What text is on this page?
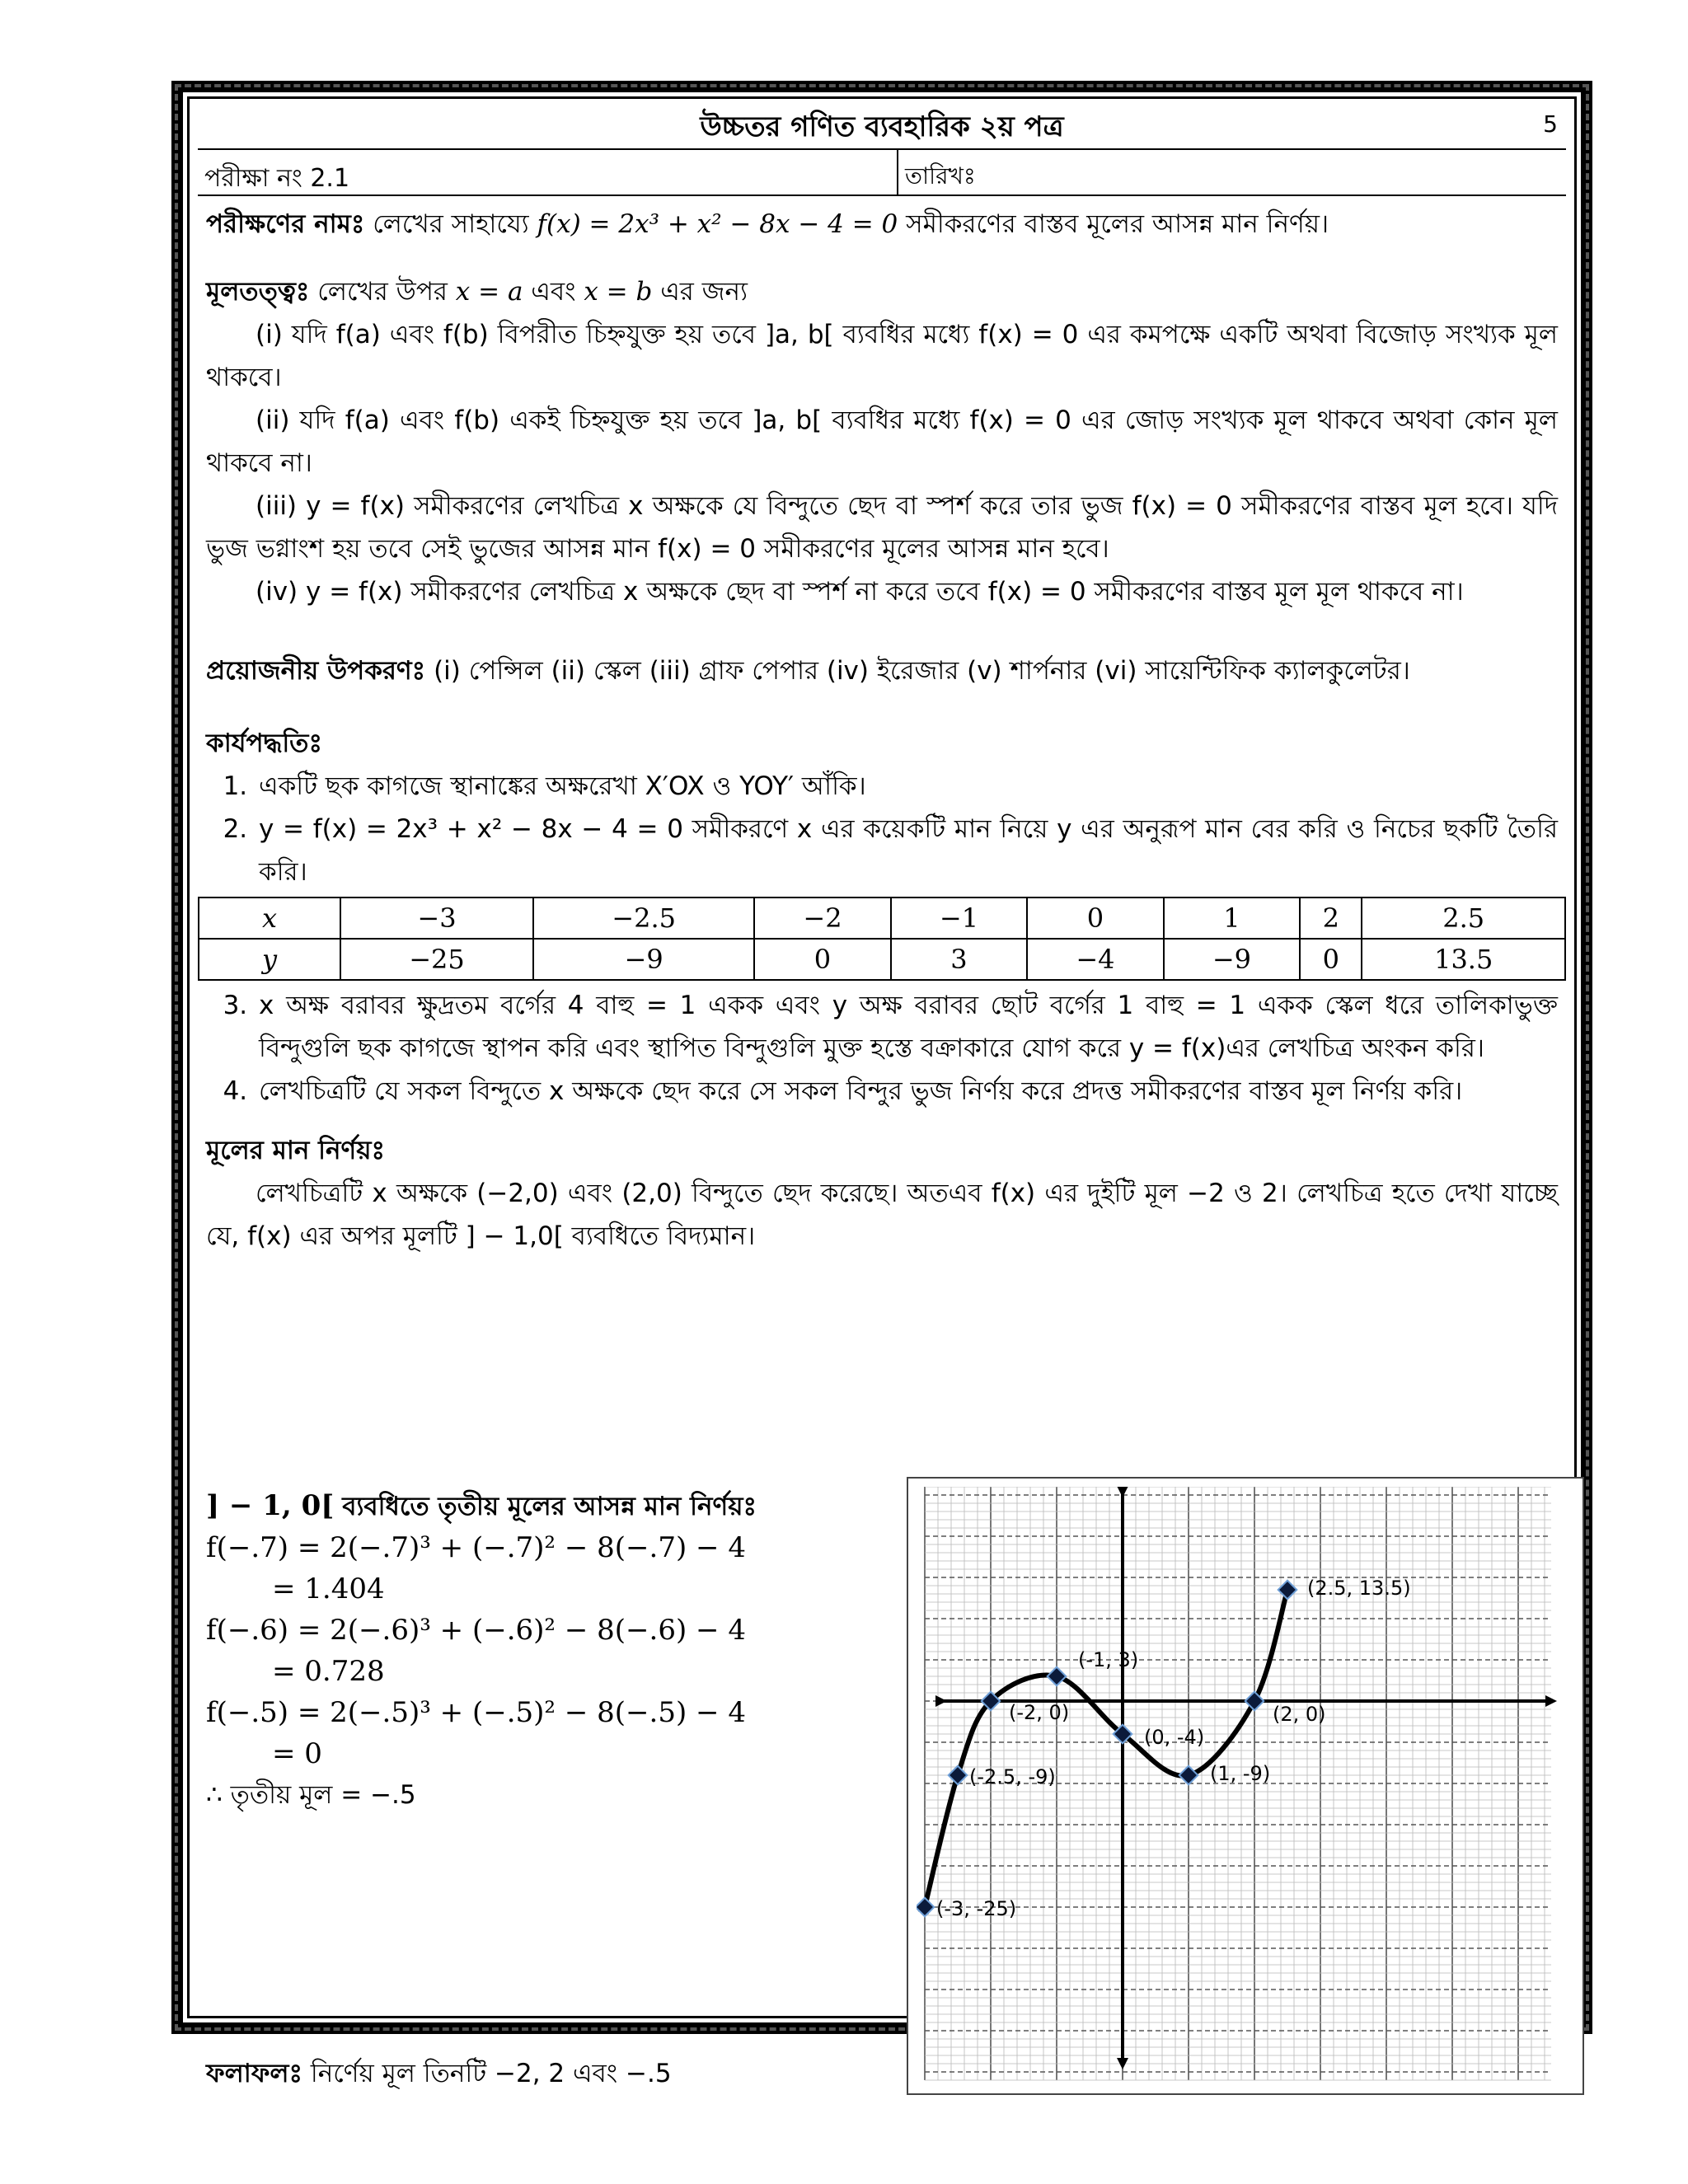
উচ্চতর গণিত ব্যবহারিক ২য় পত্র	5
পরীক্ষা নং 2.1	তারিখঃ
পরীক্ষণের নামঃ লেখের সাহায্যে f(x) = 2x³ + x² − 8x − 4 = 0 সমীকরণের বাস্তব মূলের আসন্ন মান নির্ণয়।
মূলতত্ত্বঃ লেখের উপর x = a এবং x = b এর জন্য
(i) যদি f(a) এবং f(b) বিপরীত চিহ্নযুক্ত হয় তবে ]a, b[ ব্যবধির মধ্যে f(x) = 0 এর কমপক্ষে একটি অথবা বিজোড় সংখ্যক মূল থাকবে।
(ii) যদি f(a) এবং f(b) একই চিহ্নযুক্ত হয় তবে ]a, b[ ব্যবধির মধ্যে f(x) = 0 এর জোড় সংখ্যক মূল থাকবে অথবা কোন মূল থাকবে না।
(iii) y = f(x) সমীকরণের লেখচিত্র x অক্ষকে যে বিন্দুতে ছেদ বা স্পর্শ করে তার ভুজ f(x) = 0 সমীকরণের বাস্তব মূল হবে। যদি ভুজ ভগ্নাংশ হয় তবে সেই ভুজের আসন্ন মান f(x) = 0 সমীকরণের মূলের আসন্ন মান হবে।
(iv) y = f(x) সমীকরণের লেখচিত্র x অক্ষকে ছেদ বা স্পর্শ না করে তবে f(x) = 0 সমীকরণের বাস্তব মূল মূল থাকবে না।
প্রয়োজনীয় উপকরণঃ (i) পেন্সিল (ii) স্কেল (iii) গ্রাফ পেপার (iv) ইরেজার (v) শার্পনার (vi) সায়েন্টিফিক ক্যালকুলেটর।
কার্যপদ্ধতিঃ
1. একটি ছক কাগজে স্থানাঙ্কের অক্ষরেখা X′OX ও YOY′ আঁকি।
2. y = f(x) = 2x³ + x² − 8x − 4 = 0 সমীকরণে x এর কয়েকটি মান নিয়ে y এর অনুরূপ মান বের করি ও নিচের ছকটি তৈরি করি।
x	−3	−2.5	−2	−1	0	1	2	2.5
y	−25	−9	0	3	−4	−9	0	13.5
3. x অক্ষ বরাবর ক্ষুদ্রতম বর্গের 4 বাহু = 1 একক এবং y অক্ষ বরাবর ছোট বর্গের 1 বাহু = 1 একক স্কেল ধরে তালিকাভুক্ত বিন্দুগুলি ছক কাগজে স্থাপন করি এবং স্থাপিত বিন্দুগুলি মুক্ত হস্তে বক্রাকারে যোগ করে y = f(x)এর লেখচিত্র অংকন করি।
4. লেখচিত্রটি যে সকল বিন্দুতে x অক্ষকে ছেদ করে সে সকল বিন্দুর ভুজ নির্ণয় করে প্রদত্ত সমীকরণের বাস্তব মূল নির্ণয় করি।
মূলের মান নির্ণয়ঃ
লেখচিত্রটি x অক্ষকে (−2,0) এবং (2,0) বিন্দুতে ছেদ করেছে। অতএব f(x) এর দুইটি মূল −2 ও 2। লেখচিত্র হতে দেখা যাচ্ছে যে, f(x) এর অপর মূলটি ] − 1,0[ ব্যবধিতে বিদ্যমান।
] − 1, 0[ ব্যবধিতে তৃতীয় মূলের আসন্ন মান নির্ণয়ঃ
f(−.7) = 2(−.7)³ + (−.7)² − 8(−.7) − 4
= 1.404
f(−.6) = 2(−.6)³ + (−.6)² − 8(−.6) − 4
= 0.728
f(−.5) = 2(−.5)³ + (−.5)² − 8(−.5) − 4
= 0
∴ তৃতীয় মূল = −.5
ফলাফলঃ নির্ণেয় মূল তিনটি −2, 2 এবং −.5
(-3, -25)
(-2.5, -9)
(-2, 0)
(-1, 3)
(0, -4)
(1, -9)
(2, 0)
(2.5, 13.5)
